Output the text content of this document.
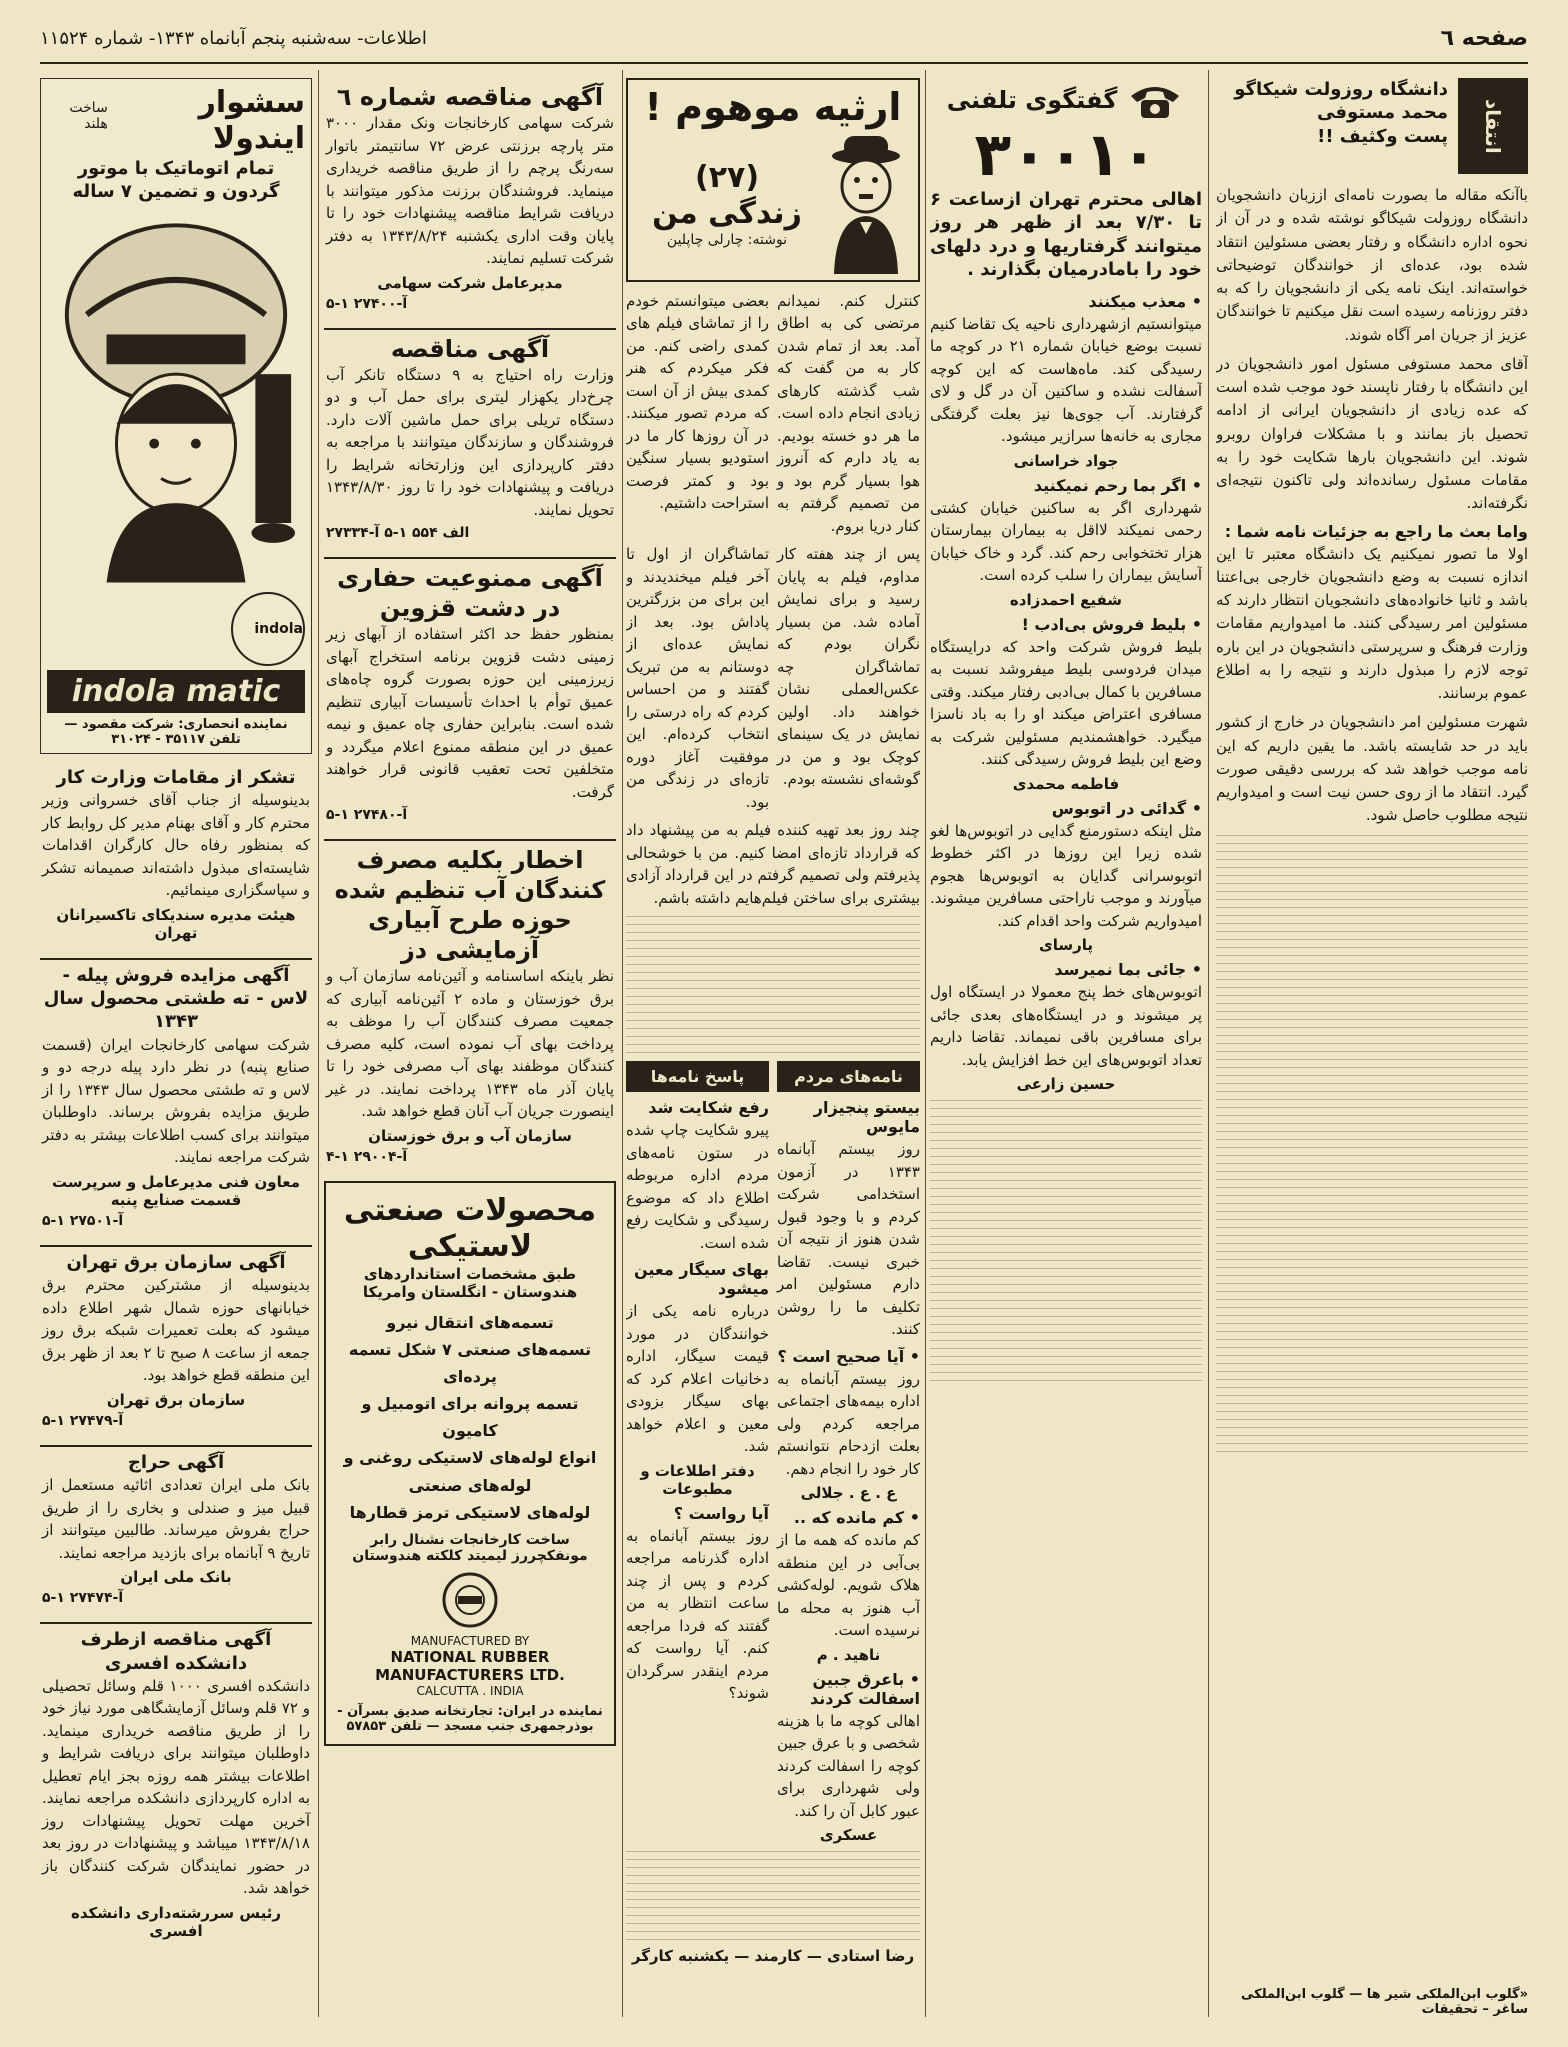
صفحه ٦
اطلاعات- سه‌شنبه پنجم آبانماه ۱۳۴۳- شماره ۱۱۵۲۴
انتقاد
دانشگاه روزولت شیکاگو
محمد مستوفی
پست وکثیف !!
باآنکه مقاله ما بصورت نامه‌ای اززبان دانشجویان دانشگاه روزولت شیکاگو نوشته شده و در آن از نحوه اداره دانشگاه و رفتار بعضی مسئولین انتقاد شده بود، عده‌ای از خوانندگان توضیحاتی خواسته‌اند. اینک نامه یکی از دانشجویان را که به دفتر روزنامه رسیده است نقل میکنیم تا خوانندگان عزیز از جریان امر آگاه شوند.
آقای محمد مستوفی مسئول امور دانشجویان در این دانشگاه با رفتار ناپسند خود موجب شده است که عده زیادی از دانشجویان ایرانی از ادامه تحصیل باز بمانند و با مشکلات فراوان روبرو شوند. این دانشجویان بارها شکایت خود را به مقامات مسئول رسانده‌اند ولی تاکنون نتیجه‌ای نگرفته‌اند.
واما بعث ما راجع به جزئیات نامه شما :
اولا ما تصور نمیکنیم یک دانشگاه معتبر تا این اندازه نسبت به وضع دانشجویان خارجی بی‌اعتنا باشد و ثانیا خانواده‌های دانشجویان انتظار دارند که مسئولین امر رسیدگی کنند. ما امیدواریم مقامات وزارت فرهنگ و سرپرستی دانشجویان در این باره توجه لازم را مبذول دارند و نتیجه را به اطلاع عموم برسانند.
شهرت مسئولین امر دانشجویان در خارج از کشور باید در حد شایسته باشد. ما یقین داریم که این نامه موجب خواهد شد که بررسی دقیقی صورت گیرد. انتقاد ما از روی حسن نیت است و امیدواریم نتیجه مطلوب حاصل شود.
«گلوب ابن‌الملکی شیر ها — گلوب ابن‌الملکی ساغر – تحقیقات
گفتگوی تلفنی
۳۰۰۱۰
اهالی محترم تهران ازساعت ۶ تا ۷/۳۰ بعد از ظهر هر روز میتوانند گرفتاریها و درد دلهای خود را بامادرمیان بگذارند .
• معذب میکنند
میتوانستیم ازشهرداری ناحیه یک تقاضا کنیم نسبت بوضع خیابان شماره ۲۱ در کوچه ما رسیدگی کند. ماه‌هاست که این کوچه آسفالت نشده و ساکنین آن در گل و لای گرفتارند. آب جوی‌ها نیز بعلت گرفتگی مجاری به خانه‌ها سرازیر میشود.
جواد خراسانی
• اگر بما رحم نمیکنید
شهرداری اگر به ساکنین خیابان کشتی رحمی نمیکند لااقل به بیماران بیمارستان هزار تختخوابی رحم کند. گرد و خاک خیابان آسایش بیماران را سلب کرده است.
شفیع احمدزاده
• بلیط فروش بی‌ادب !
بلیط فروش شرکت واحد که درایستگاه میدان فردوسی بلیط میفروشد نسبت به مسافرین با کمال بی‌ادبی رفتار میکند. وقتی مسافری اعتراض میکند او را به باد ناسزا میگیرد. خواهشمندیم مسئولین شرکت به وضع این بلیط فروش رسیدگی کنند.
فاطمه محمدی
• گدائی در اتوبوس
مثل اینکه دستورمنع گدایی در اتوبوس‌ها لغو شده زیرا این روزها در اکثر خطوط اتوبوسرانی گدایان به اتوبوس‌ها هجوم میآورند و موجب ناراحتی مسافرین میشوند. امیدواریم شرکت واحد اقدام کند.
پارسای
• جائی بما نمیرسد
اتوبوس‌های خط پنج معمولا در ایستگاه اول پر میشوند و در ایستگاه‌های بعدی جائی برای مسافرین باقی نمیماند. تقاضا داریم تعداد اتوبوس‌های این خط افزایش یابد.
حسین زارعی
ارثیه موهوم !
(۲۷)
زندگی من
نوشته: چارلی چاپلین
کنترل کنم. نمیدانم مرتضی کی به اطاق آمد. بعد از تمام شدن کار به من گفت که شب گذشته کارهای زیادی انجام داده است. ما هر دو خسته بودیم. به یاد دارم که آنروز هوا بسیار گرم بود و من تصمیم گرفتم به کنار دریا بروم.
بعضی میتوانستم خودم را از تماشای فیلم های کمدی راضی کنم. من فکر میکردم که هنر کمدی بیش از آن است که مردم تصور میکنند. در آن روزها کار ما در استودیو بسیار سنگین بود و کمتر فرصت استراحت داشتیم.
پس از چند هفته کار مداوم، فیلم به پایان رسید و برای نمایش آماده شد. من بسیار نگران بودم که تماشاگران چه عکس‌العملی نشان خواهند داد. اولین نمایش در یک سینمای کوچک بود و من در گوشه‌ای نشسته بودم.
تماشاگران از اول تا آخر فیلم میخندیدند و این برای من بزرگترین پاداش بود. بعد از نمایش عده‌ای از دوستانم به من تبریک گفتند و من احساس کردم که راه درستی را انتخاب کرده‌ام. این موفقیت آغاز دوره تازه‌ای در زندگی من بود.
چند روز بعد تهیه کننده فیلم به من پیشنهاد داد که قرارداد تازه‌ای امضا کنیم. من با خوشحالی پذیرفتم ولی تصمیم گرفتم در این قرارداد آزادی بیشتری برای ساختن فیلم‌هایم داشته باشم.
نامه‌های مردم
بیستو پنجیزار مایوس
روز بیستم آبانماه ۱۳۴۳ در آزمون استخدامی شرکت کردم و با وجود قبول شدن هنوز از نتیجه آن خبری نیست. تقاضا دارم مسئولین امر تکلیف ما را روشن کنند.
• آیا صحیح است ؟
روز بیستم آبانماه به اداره بیمه‌های اجتماعی مراجعه کردم ولی بعلت ازدحام نتوانستم کار خود را انجام دهم.
ع . ع . جلالی
• کم مانده که ..
کم مانده که همه ما از بی‌آبی در این منطقه هلاک شویم. لوله‌کشی آب هنوز به محله ما نرسیده است.
ناهید . م
• باعرق جبین اسفالت کردند
اهالی کوچه ما با هزینه شخصی و با عرق جبین کوچه را اسفالت کردند ولی شهرداری برای عبور کابل آن را کند.
عسکری
پاسخ نامه‌ها
رفع شکایت شد
پیرو شکایت چاپ شده در ستون نامه‌های مردم اداره مربوطه اطلاع داد که موضوع رسیدگی و شکایت رفع شده است.
بهای سیگار معین میشود
درباره نامه یکی از خوانندگان در مورد قیمت سیگار، اداره دخانیات اعلام کرد که بهای سیگار بزودی معین و اعلام خواهد شد.
دفتر اطلاعات و مطبوعات
آیا رواست ؟
روز بیستم آبانماه به اداره گذرنامه مراجعه کردم و پس از چند ساعت انتظار به من گفتند که فردا مراجعه کنم. آیا رواست که مردم اینقدر سرگردان شوند؟
رضا استادی — کارمند — یکشنبه کارگر
آگهی مناقصه شماره ٦
شرکت سهامی کارخانجات ونک مقدار ۳۰۰۰ متر پارچه برزنتی عرض ۷۲ سانتیمتر باتوار سه‌رنگ پرچم را از طریق مناقصه خریداری مینماید. فروشندگان برزنت مذکور میتوانند با دریافت شرایط مناقصه پیشنهادات خود را تا پایان وقت اداری یکشنبه ۱۳۴۳/۸/۲۴ به دفتر شرکت تسلیم نمایند.
مدیرعامل شرکت سهامی
آ-۲۷۴۰۰ ۱-۵
آگهی مناقصه
وزارت راه احتیاج به ۹ دستگاه تانکر آب چرخ‌دار یکهزار لیتری برای حمل آب و دو دستگاه تریلی برای حمل ماشین آلات دارد. فروشندگان و سازندگان میتوانند با مراجعه به دفتر کارپردازی این وزارتخانه شرایط را دریافت و پیشنهادات خود را تا روز ۱۳۴۳/۸/۳۰ تحویل نمایند.
الف ۵۵۴ ۱-۵ آ-۲۷۳۳۴
آگهی ممنوعیت حفاری در دشت قزوین
بمنظور حفظ حد اکثر استفاده از آبهای زیر زمینی دشت قزوین برنامه استخراج آبهای زیرزمینی این حوزه بصورت گروه چاه‌های عمیق توأم با احداث تأسیسات آبیاری تنظیم شده است. بنابراین حفاری چاه عمیق و نیمه عمیق در این منطقه ممنوع اعلام میگردد و متخلفین تحت تعقیب قانونی قرار خواهند گرفت.
آ-۲۷۴۸۰ ۱-۵
اخطار بکلیه مصرف کنندگان آب تنظیم شده حوزه طرح آبیاری آزمایشی دز
نظر باینکه اساسنامه و آئین‌نامه سازمان آب و برق خوزستان و ماده ۲ آئین‌نامه آبیاری که جمعیت مصرف کنندگان آب را موظف به پرداخت بهای آب نموده است، کلیه مصرف کنندگان موظفند بهای آب مصرفی خود را تا پایان آذر ماه ۱۳۴۳ پرداخت نمایند. در غیر اینصورت جریان آب آنان قطع خواهد شد.
سازمان آب و برق خوزستان
آ-۲۹۰۰۴ ۱-۴
محصولات صنعتی لاستیکی
طبق مشخصات استانداردهای هندوستان - انگلستان وامریکا
تسمه‌های انتقال نیرو
تسمه‌های صنعتی ۷ شکل تسمه پرده‌ای
تسمه پروانه برای اتومبیل و کامیون
انواع لوله‌های لاستیکی روغنی و لوله‌های صنعتی
لوله‌های لاستیکی ترمز قطارها
ساخت کارخانجات نشنال رابر مونفکچررز لیمیتد کلکته هندوستان
MANUFACTURED BY
NATIONAL RUBBER MANUFACTURERS LTD.
CALCUTTA . INDIA
نماینده در ایران: تجارتخانه صدیق بسرآن - بوذرجمهری جنب مسجد — تلفن ۵۷۸۵۳
سشوار ایندولا
ساخت هلند
تمام اتوماتیک با موتور گردون و تضمین ۷ ساله
indola
indola matic
نماینده انحصاری: شرکت مقصود — تلفن ۳۵۱۱۷ - ۳۱۰۲۴
تشکر از مقامات وزارت کار
بدینوسیله از جناب آقای خسروانی وزیر محترم کار و آقای بهنام مدیر کل روابط کار که بمنظور رفاه حال کارگران اقدامات شایسته‌ای مبذول داشته‌اند صمیمانه تشکر و سپاسگزاری مینمائیم.
هیئت مدیره سندیکای تاکسیرانان تهران
آگهی مزایده فروش پیله - لاس - ته طشتی محصول سال ۱۳۴۳
شرکت سهامی کارخانجات ایران (قسمت صنایع پنبه) در نظر دارد پیله درجه دو و لاس و ته طشتی محصول سال ۱۳۴۳ را از طریق مزایده بفروش برساند. داوطلبان میتوانند برای کسب اطلاعات بیشتر به دفتر شرکت مراجعه نمایند.
معاون فنی مدیرعامل و سرپرست قسمت صنایع پنبه
آ-۲۷۵۰۱ ۱-۵
آگهی سازمان برق تهران
بدینوسیله از مشترکین محترم برق خیابانهای حوزه شمال شهر اطلاع داده میشود که بعلت تعمیرات شبکه برق روز جمعه از ساعت ۸ صبح تا ۲ بعد از ظهر برق این منطقه قطع خواهد بود.
سازمان برق تهران
آ-۲۷۴۷۹ ۱-۵
آگهی حراج
بانک ملی ایران تعدادی اثاثیه مستعمل از قبیل میز و صندلی و بخاری را از طریق حراج بفروش میرساند. طالبین میتوانند از تاریخ ۹ آبانماه برای بازدید مراجعه نمایند.
بانک ملی ایران
آ-۲۷۴۷۴ ۱-۵
آگهی مناقصه ازطرف دانشکده افسری
دانشکده افسری ۱۰۰۰ قلم وسائل تحصیلی و ۷۲ قلم وسائل آزمایشگاهی مورد نیاز خود را از طریق مناقصه خریداری مینماید. داوطلبان میتوانند برای دریافت شرایط و اطلاعات بیشتر همه روزه بجز ایام تعطیل به اداره کارپردازی دانشکده مراجعه نمایند. آخرین مهلت تحویل پیشنهادات روز ۱۳۴۳/۸/۱۸ میباشد و پیشنهادات در روز بعد در حضور نمایندگان شرکت کنندگان باز خواهد شد.
رئیس سررشته‌داری دانشکده افسری
